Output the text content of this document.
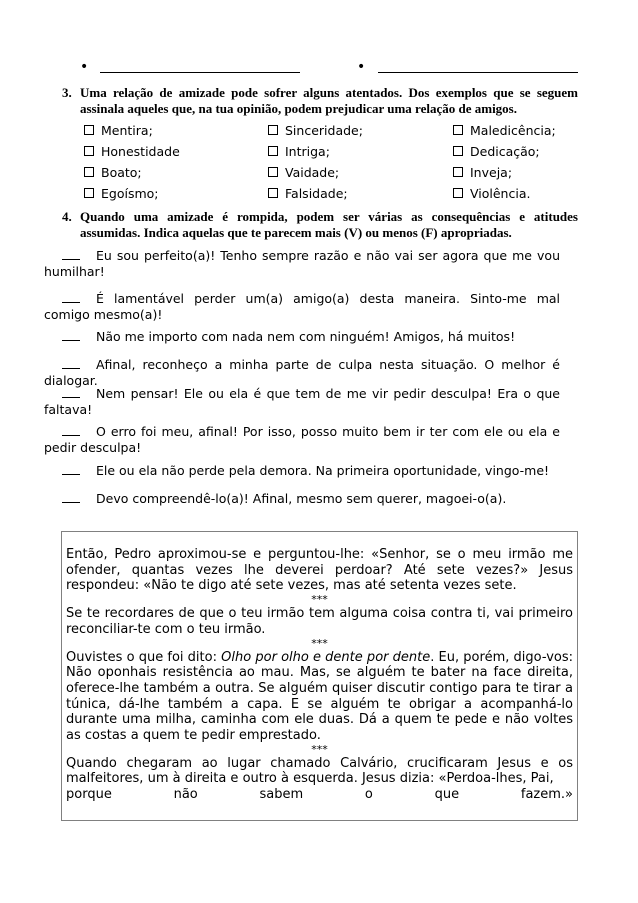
•	•
3. Uma relação de amizade pode sofrer alguns atentados. Dos exemplos que se seguem assinala aqueles que, na tua opinião, podem prejudicar uma relação de amigos.
Mentira;	Sinceridade;	Maledicência;
Honestidade	Intriga;	Dedicação;
Boato;	Vaidade;	Inveja;
Egoísmo;	Falsidade;	Violência.
4. Quando uma amizade é rompida, podem ser várias as consequências e atitudes assumidas. Indica aquelas que te parecem mais (V) ou menos (F) apropriadas.
Eu sou perfeito(a)! Tenho sempre razão e não vai ser agora que me vou humilhar!
É lamentável perder um(a) amigo(a) desta maneira. Sinto-me mal comigo mesmo(a)!
Não me importo com nada nem com ninguém! Amigos, há muitos!
Afinal, reconheço a minha parte de culpa nesta situação. O melhor é dialogar.
Nem pensar! Ele ou ela é que tem de me vir pedir desculpa! Era o que faltava!
O erro foi meu, afinal! Por isso, posso muito bem ir ter com ele ou ela e pedir desculpa!
Ele ou ela não perde pela demora. Na primeira oportunidade, vingo-me!
Devo compreendê-lo(a)! Afinal, mesmo sem querer, magoei-o(a).

Então, Pedro aproximou-se e perguntou-lhe: «Senhor, se o meu irmão me ofender, quantas vezes lhe deverei perdoar? Até sete vezes?» Jesus respondeu: «Não te digo até sete vezes, mas até setenta vezes sete.

***

Se te recordares de que o teu irmão tem alguma coisa contra ti, vai primeiro reconciliar-te com o teu irmão.

***

Ouvistes o que foi dito: Olho por olho e dente por dente. Eu, porém, digo-vos: Não oponhais resistência ao mau. Mas, se alguém te bater na face direita, oferece-lhe também a outra. Se alguém quiser discutir contigo para te tirar a túnica, dá-lhe também a capa. E se alguém te obrigar a acompanhá-lo durante uma milha, caminha com ele duas. Dá a quem te pede e não voltes as costas a quem te pedir emprestado.

***

Quando chegaram ao lugar chamado Calvário, crucificaram Jesus e os malfeitores, um à direita e outro à esquerda. Jesus dizia: «Perdoa-lhes, Pai,

porque não sabem o que fazem.»
